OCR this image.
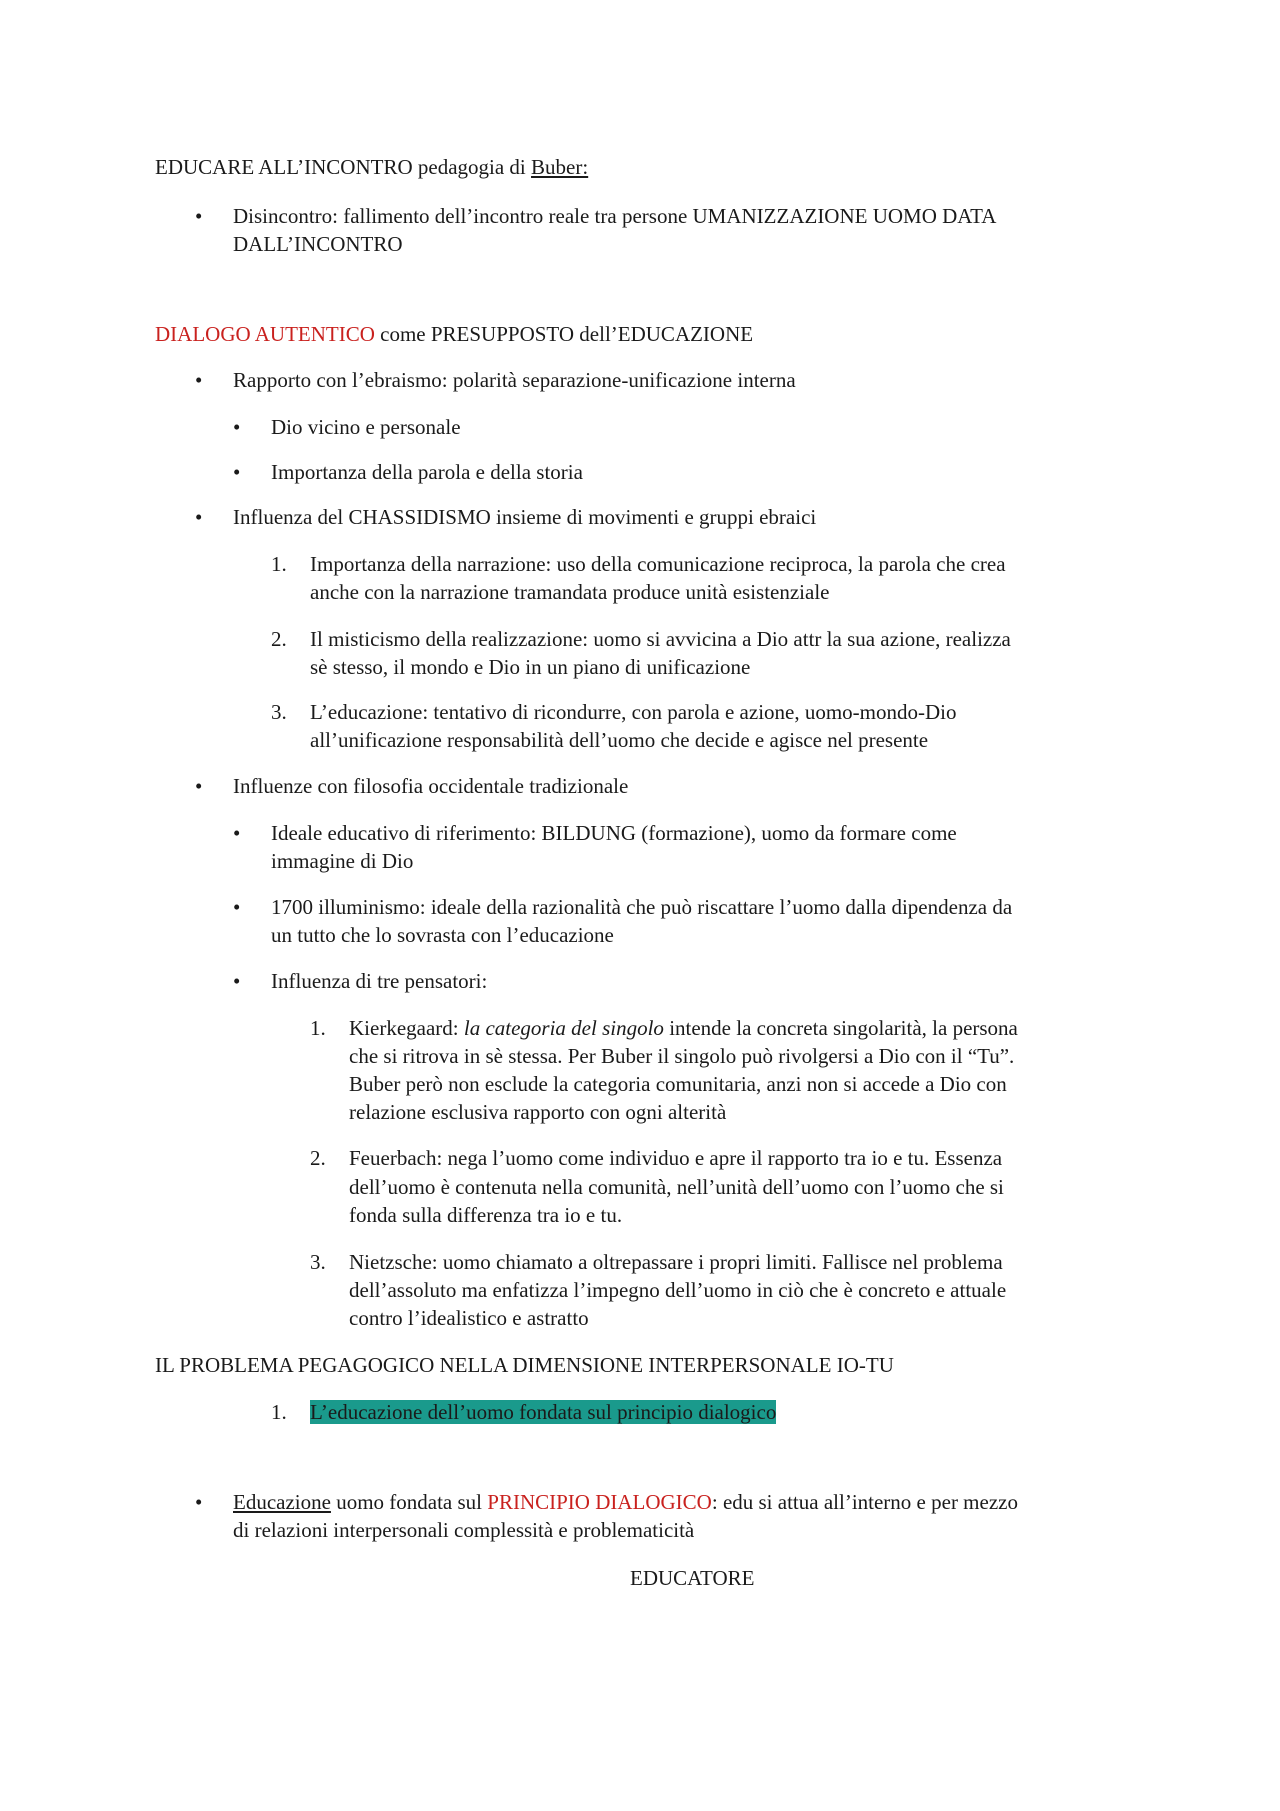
EDUCARE ALL’INCONTRO pedagogia di Buber:
• Disincontro: fallimento dell’incontro reale tra persone UMANIZZAZIONE UOMO DATA
DALL’INCONTRO
DIALOGO AUTENTICO come PRESUPPOSTO dell’EDUCAZIONE
• Rapporto con l’ebraismo: polarità separazione-unificazione interna
• Dio vicino e personale
• Importanza della parola e della storia
• Influenza del CHASSIDISMO insieme di movimenti e gruppi ebraici
1. Importanza della narrazione: uso della comunicazione reciproca, la parola che crea
anche con la narrazione tramandata produce unità esistenziale
2. Il misticismo della realizzazione: uomo si avvicina a Dio attr la sua azione, realizza
sè stesso, il mondo e Dio in un piano di unificazione
3. L’educazione: tentativo di ricondurre, con parola e azione, uomo-mondo-Dio
all’unificazione responsabilità dell’uomo che decide e agisce nel presente
• Influenze con filosofia occidentale tradizionale
• Ideale educativo di riferimento: BILDUNG (formazione), uomo da formare come
immagine di Dio
• 1700 illuminismo: ideale della razionalità che può riscattare l’uomo dalla dipendenza da
un tutto che lo sovrasta con l’educazione
• Influenza di tre pensatori:
1. Kierkegaard: la categoria del singolo intende la concreta singolarità, la persona
che si ritrova in sè stessa. Per Buber il singolo può rivolgersi a Dio con il “Tu”.
Buber però non esclude la categoria comunitaria, anzi non si accede a Dio con
relazione esclusiva rapporto con ogni alterità
2. Feuerbach: nega l’uomo come individuo e apre il rapporto tra io e tu. Essenza
dell’uomo è contenuta nella comunità, nell’unità dell’uomo con l’uomo che si
fonda sulla differenza tra io e tu.
3. Nietzsche: uomo chiamato a oltrepassare i propri limiti. Fallisce nel problema
dell’assoluto ma enfatizza l’impegno dell’uomo in ciò che è concreto e attuale
contro l’idealistico e astratto
IL PROBLEMA PEGAGOGICO NELLA DIMENSIONE INTERPERSONALE IO-TU
1. L’educazione dell’uomo fondata sul principio dialogico
• Educazione uomo fondata sul PRINCIPIO DIALOGICO: edu si attua all’interno e per mezzo
di relazioni interpersonali complessità e problematicità
EDUCATORE
